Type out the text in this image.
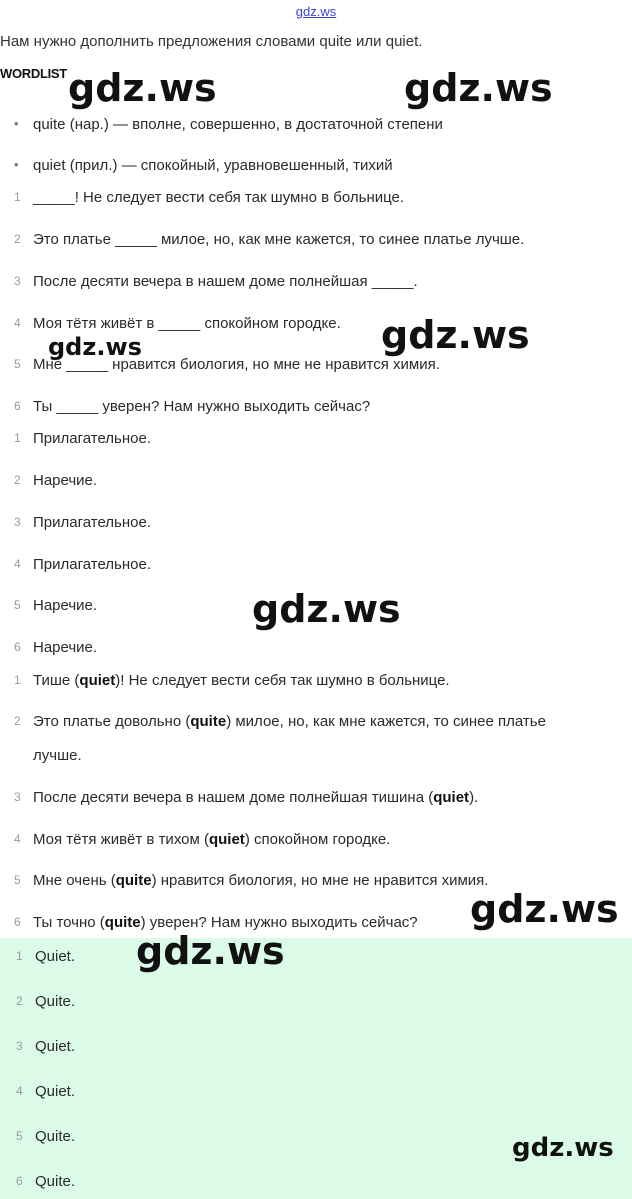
gdz.ws
Нам нужно дополнить предложения словами quite или quiet.
WORDLIST
• quite (нар.) — вполне, совершенно, в достаточной степени
• quiet (прил.) — спокойный, уравновешенный, тихий
1 _____! Не следует вести себя так шумно в больнице.
2 Это платье _____ милое, но, как мне кажется, то синее платье лучше.
3 После десяти вечера в нашем доме полнейшая _____.
4 Моя тётя живёт в _____ спокойном городке.
5 Мне _____ нравится биология, но мне не нравится химия.
6 Ты _____ уверен? Нам нужно выходить сейчас?
1 Прилагательное.
2 Наречие.
3 Прилагательное.
4 Прилагательное.
5 Наречие.
6 Наречие.
1 Тише (quiet)! Не следует вести себя так шумно в больнице.
2 Это платье довольно (quite) милое, но, как мне кажется, то синее платье
лучше.
3 После десяти вечера в нашем доме полнейшая тишина (quiet).
4 Моя тётя живёт в тихом (quiet) спокойном городке.
5 Мне очень (quite) нравится биология, но мне не нравится химия.
6 Ты точно (quite) уверен? Нам нужно выходить сейчас?
1 Quiet.
2 Quite.
3 Quiet.
4 Quiet.
5 Quite.
6 Quite.
gdz.ws	gdz.ws
gdz.ws
gdz.ws
gdz.ws
gdz.ws
gdz.ws
gdz.ws
